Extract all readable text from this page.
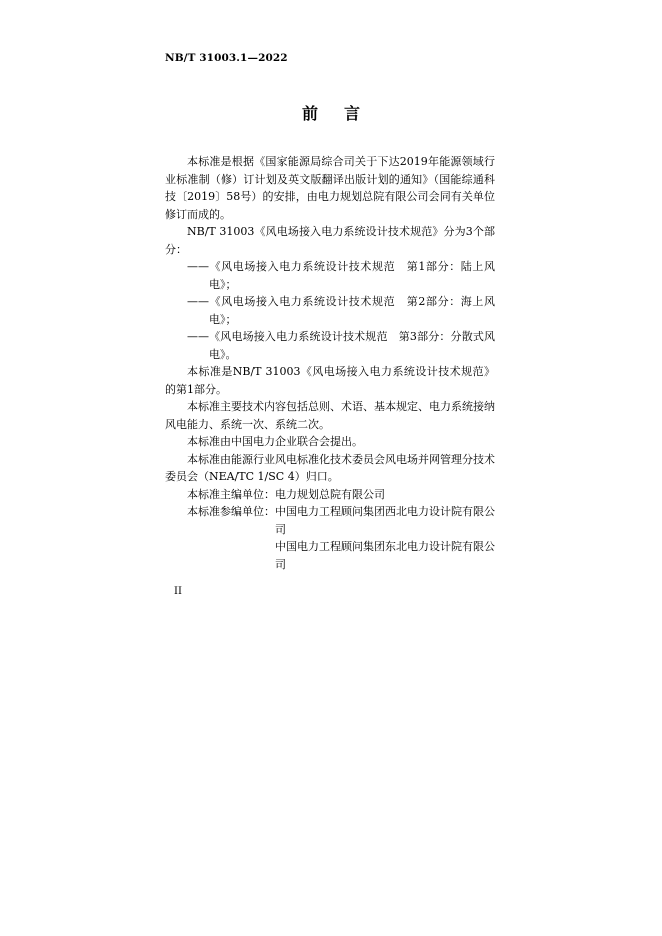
NB/T 31003.1—2022
前言

本标准是根据《国家能源局综合司关于下达2019年能源领域行业标准制（修）订计划及英文版翻译出版计划的通知》（国能综通科技〔2019〕58号）的安排，由电力规划总院有限公司会同有关单位修订而成的。

NB/T 31003《风电场接入电力系统设计技术规范》分为3个部分：

——《风电场接入电力系统设计技术规范　第1部分：陆上风电》；

——《风电场接入电力系统设计技术规范　第2部分：海上风电》；

——《风电场接入电力系统设计技术规范　第3部分：分散式风电》。

本标准是NB/T 31003《风电场接入电力系统设计技术规范》的第1部分。

本标准主要技术内容包括总则、术语、基本规定、电力系统接纳风电能力、系统一次、系统二次。

本标准由中国电力企业联合会提出。

本标准由能源行业风电标准化技术委员会风电场并网管理分技术委员会（NEA/TC 1/SC 4）归口。

本标准主编单位： 电力规划总院有限公司
本标准参编单位： 中国电力工程顾问集团西北电力设计院有限公司
中国电力工程顾问集团东北电力设计院有限公司
II
